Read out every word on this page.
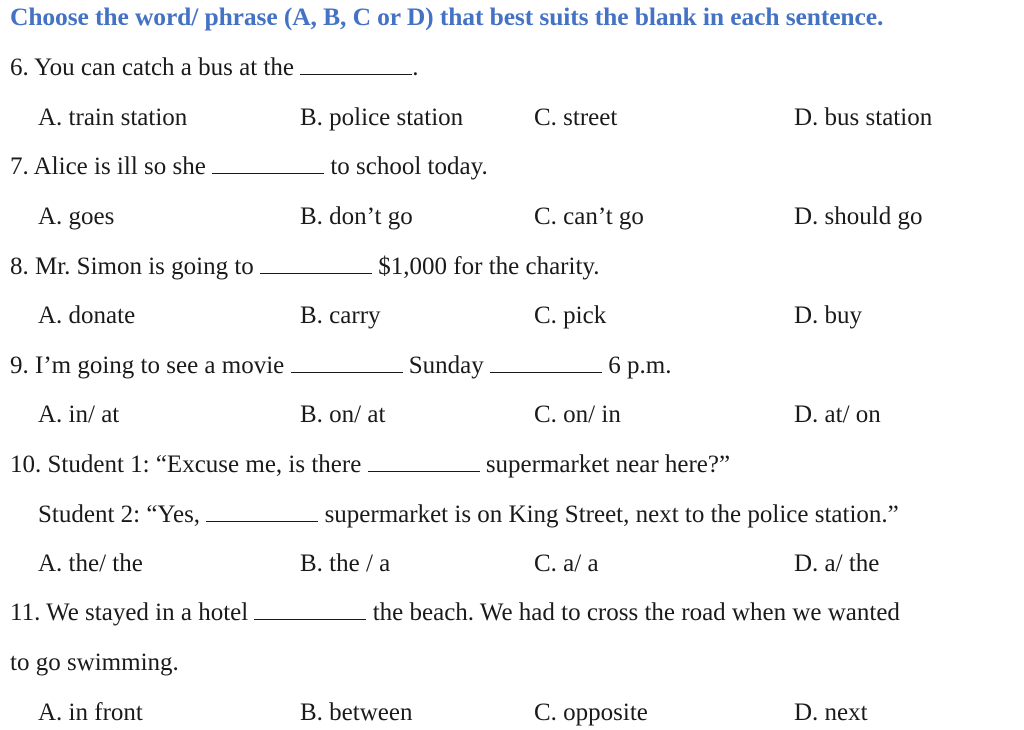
Choose the word/ phrase (A, B, C or D) that best suits the blank in each sentence.
6. You can catch a bus at the	.
A. train station	B. police station	C. street	D. bus station
7. Alice is ill so she	to school today.
A. goes	B. don’t go	C. can’t go	D. should go
8. Mr. Simon is going to	$1,000 for the charity.
A. donate	B. carry	C. pick	D. buy
9. I’m going to see a movie	Sunday	6 p.m.
A. in/ at	B. on/ at	C. on/ in	D. at/ on
10. Student 1: “Excuse me, is there	supermarket near here?”
Student 2: “Yes,	supermarket is on King Street, next to the police station.”
A. the/ the	B. the / a	C. a/ a	D. a/ the
11. We stayed in a hotel	the beach. We had to cross the road when we wanted
to go swimming.
A. in front	B. between	C. opposite	D. next
